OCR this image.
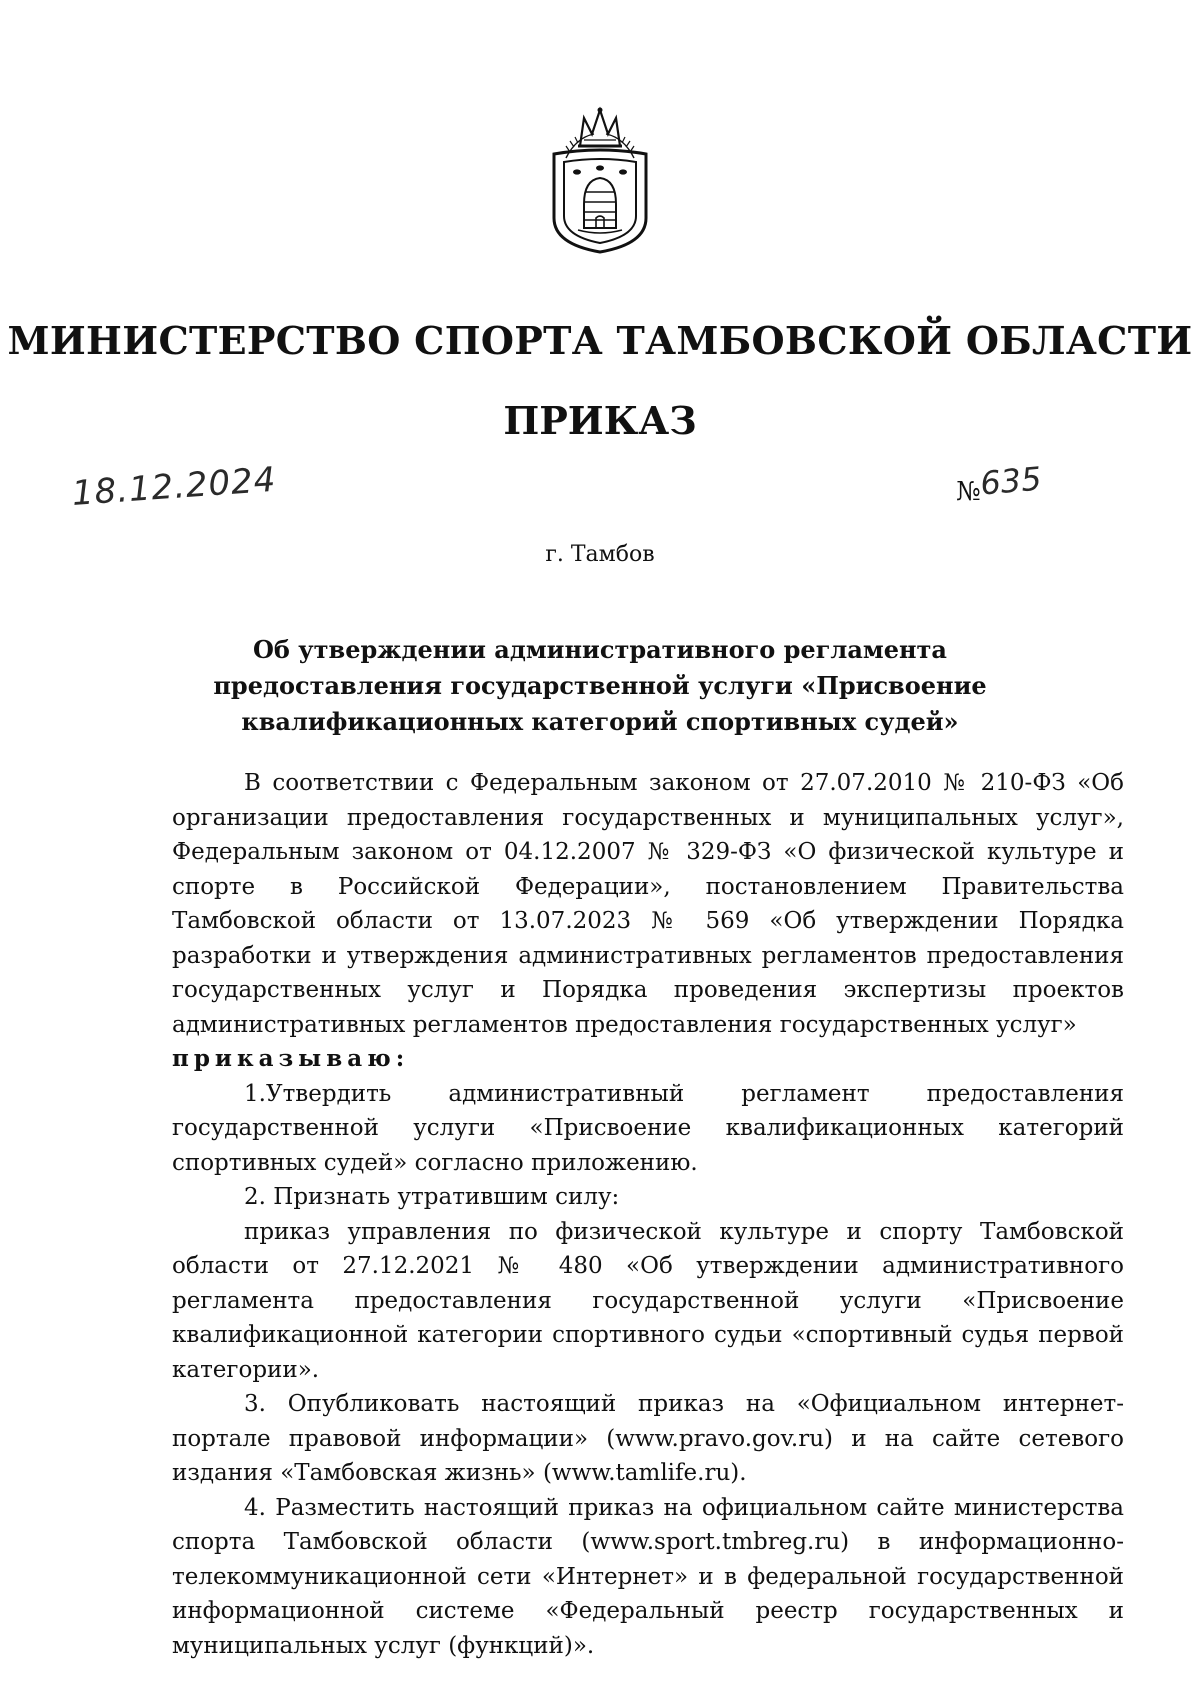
МИНИСТЕРСТВО СПОРТА ТАМБОВСКОЙ ОБЛАСТИ
ПРИКАЗ
18.12.2024	№635
г. Тамбов
Об утверждении административного регламента предоставления государственной услуги «Присвоение квалификационных категорий спортивных судей»

В соответствии с Федеральным законом от 27.07.2010 № 210-ФЗ «Об организации предоставления государственных и муниципальных услуг», Федеральным законом от 04.12.2007 № 329-ФЗ «О физической культуре и спорте в Российской Федерации», постановлением Правительства Тамбовской области от 13.07.2023 № 569 «Об утверждении Порядка разработки и утверждения административных регламентов предоставления государственных услуг и Порядка проведения экспертизы проектов административных регламентов предоставления государственных услуг»

приказываю:

1.Утвердить административный регламент предоставления государственной услуги «Присвоение квалификационных категорий спортивных судей» согласно приложению.

2. Признать утратившим силу:

приказ управления по физической культуре и спорту Тамбовской области от 27.12.2021 № 480 «Об утверждении административного регламента предоставления государственной услуги «Присвоение квалификационной категории спортивного судьи «спортивный судья первой категории».

3. Опубликовать настоящий приказ на «Официальном интернет-портале правовой информации» (www.pravo.gov.ru) и на сайте сетевого издания «Тамбовская жизнь» (www.tamlife.ru).

4. Разместить настоящий приказ на официальном сайте министерства спорта Тамбовской области (www.sport.tmbreg.ru) в информационно-телекоммуникационной сети «Интернет» и в федеральной государственной информационной системе «Федеральный реестр государственных и муниципальных услуг (функций)».
